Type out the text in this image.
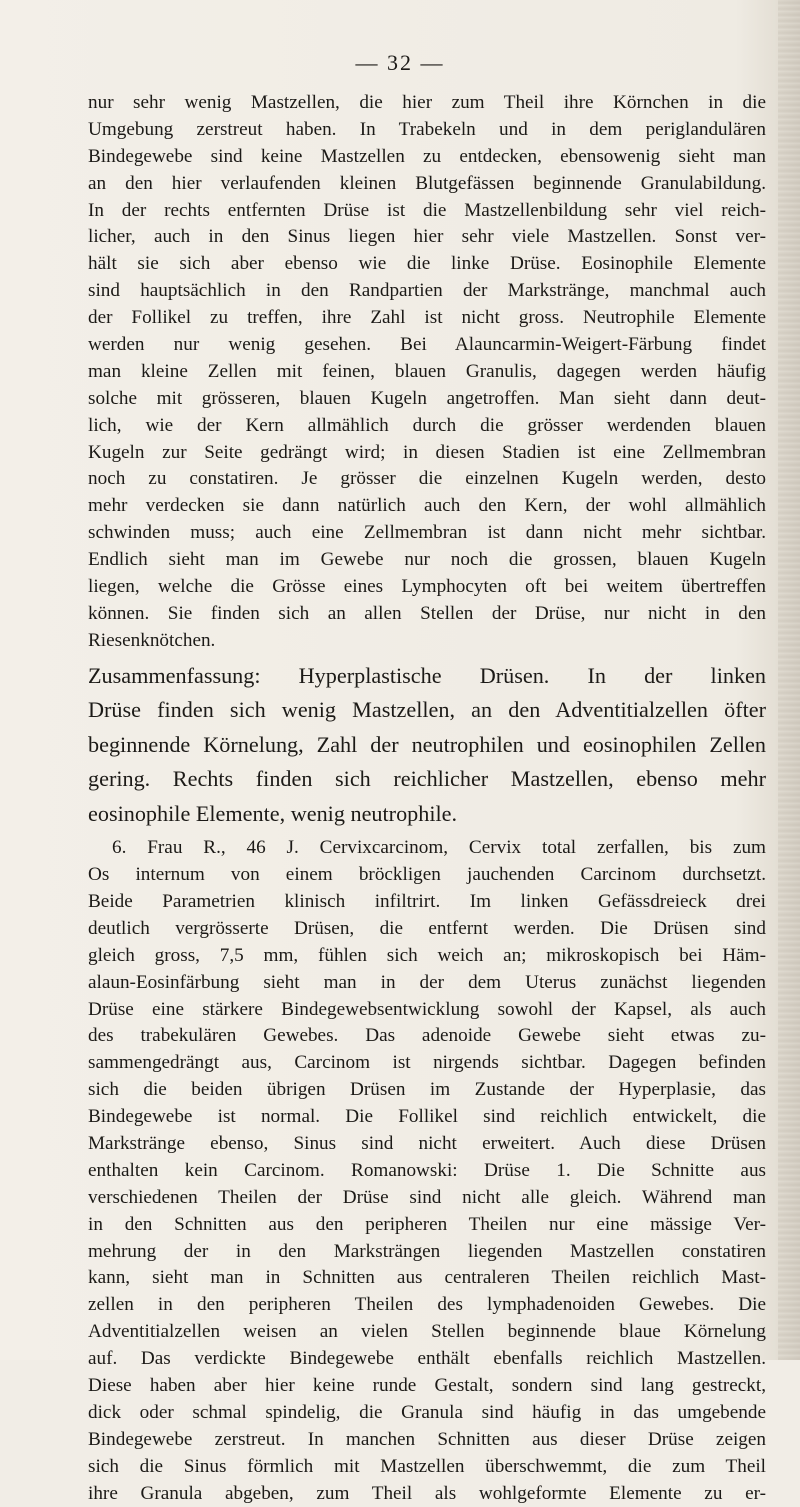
— 32 —
nur sehr wenig Mastzellen, die hier zum Theil ihre Körnchen in die
Umgebung zerstreut haben. In Trabekeln und in dem periglandulären
Bindegewebe sind keine Mastzellen zu entdecken, ebensowenig sieht man
an den hier verlaufenden kleinen Blutgefässen beginnende Granulabildung.
In der rechts entfernten Drüse ist die Mastzellenbildung sehr viel reich-
licher, auch in den Sinus liegen hier sehr viele Mastzellen. Sonst ver-
hält sie sich aber ebenso wie die linke Drüse. Eosinophile Elemente
sind hauptsächlich in den Randpartien der Markstränge, manchmal auch
der Follikel zu treffen, ihre Zahl ist nicht gross. Neutrophile Elemente
werden nur wenig gesehen. Bei Alauncarmin-Weigert-Färbung findet
man kleine Zellen mit feinen, blauen Granulis, dagegen werden häufig
solche mit grösseren, blauen Kugeln angetroffen. Man sieht dann deut-
lich, wie der Kern allmählich durch die grösser werdenden blauen
Kugeln zur Seite gedrängt wird; in diesen Stadien ist eine Zellmembran
noch zu constatiren. Je grösser die einzelnen Kugeln werden, desto
mehr verdecken sie dann natürlich auch den Kern, der wohl allmählich
schwinden muss; auch eine Zellmembran ist dann nicht mehr sichtbar.
Endlich sieht man im Gewebe nur noch die grossen, blauen Kugeln
liegen, welche die Grösse eines Lymphocyten oft bei weitem übertreffen
können. Sie finden sich an allen Stellen der Drüse, nur nicht in den
Riesenknötchen.
Zusammenfassung: Hyperplastische Drüsen. In der linken
Drüse finden sich wenig Mastzellen, an den Adventitialzellen öfter
beginnende Körnelung, Zahl der neutrophilen und eosinophilen Zellen
gering. Rechts finden sich reichlicher Mastzellen, ebenso mehr
eosinophile Elemente, wenig neutrophile.
6. Frau R., 46 J. Cervixcarcinom, Cervix total zerfallen, bis zum
Os internum von einem bröckligen jauchenden Carcinom durchsetzt.
Beide Parametrien klinisch infiltrirt. Im linken Gefässdreieck drei
deutlich vergrösserte Drüsen, die entfernt werden. Die Drüsen sind
gleich gross, 7,5 mm, fühlen sich weich an; mikroskopisch bei Häm-
alaun-Eosinfärbung sieht man in der dem Uterus zunächst liegenden
Drüse eine stärkere Bindegewebsentwicklung sowohl der Kapsel, als auch
des trabekulären Gewebes. Das adenoide Gewebe sieht etwas zu-
sammengedrängt aus, Carcinom ist nirgends sichtbar. Dagegen befinden
sich die beiden übrigen Drüsen im Zustande der Hyperplasie, das
Bindegewebe ist normal. Die Follikel sind reichlich entwickelt, die
Markstränge ebenso, Sinus sind nicht erweitert. Auch diese Drüsen
enthalten kein Carcinom. Romanowski: Drüse 1. Die Schnitte aus
verschiedenen Theilen der Drüse sind nicht alle gleich. Während man
in den Schnitten aus den peripheren Theilen nur eine mässige Ver-
mehrung der in den Marksträngen liegenden Mastzellen constatiren
kann, sieht man in Schnitten aus centraleren Theilen reichlich Mast-
zellen in den peripheren Theilen des lymphadenoiden Gewebes. Die
Adventitialzellen weisen an vielen Stellen beginnende blaue Körnelung
auf. Das verdickte Bindegewebe enthält ebenfalls reichlich Mastzellen.
Diese haben aber hier keine runde Gestalt, sondern sind lang gestreckt,
dick oder schmal spindelig, die Granula sind häufig in das umgebende
Bindegewebe zerstreut. In manchen Schnitten aus dieser Drüse zeigen
sich die Sinus förmlich mit Mastzellen überschwemmt, die zum Theil
ihre Granula abgeben, zum Theil als wohlgeformte Elemente zu er-
